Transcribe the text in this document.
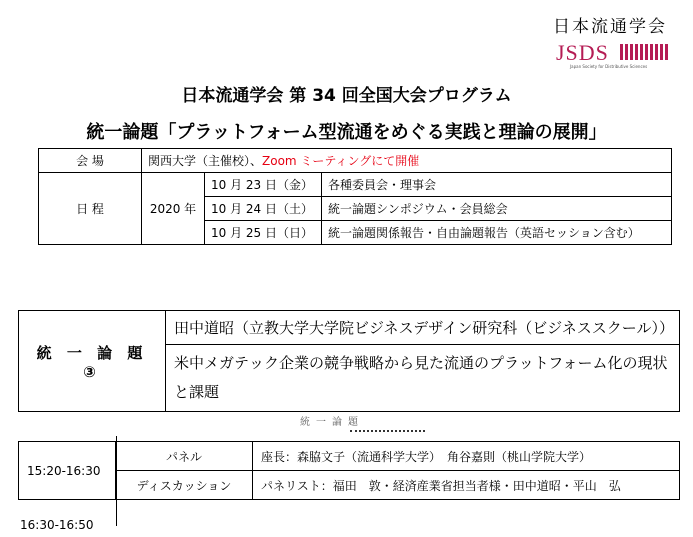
日本流通学会
JSDS
Japan Society for Distributive Sciences
日本流通学会 第 34 回全国大会プログラム
統一論題「プラットフォーム型流通をめぐる実践と理論の展開」
会 場	関西大学（主催校）、Zoom ミーティングにて開催		
日 程	2020 年	10 月 23 日（金）	各種委員会・理事会
		10 月 24 日（土）	統一論題シンポジウム・会員総会
		10 月 25 日（日）	統一論題関係報告・自由論題報告（英語セッション含む）
統 一 論 題 ③	田中道昭（立教大学大学院ビジネスデザイン研究科（ビジネススクール））

米中メガテック企業の競争戦略から見た流通のプラットフォーム化の現状
と課題
統一論題
15:20-16:30	パネル	座長：森脇文子（流通科学大学）　角谷嘉則（桃山学院大学）
	ディスカッション	パネリスト：福田　敦・経済産業省担当者様・田中道昭・平山　弘
16:30-16:50
